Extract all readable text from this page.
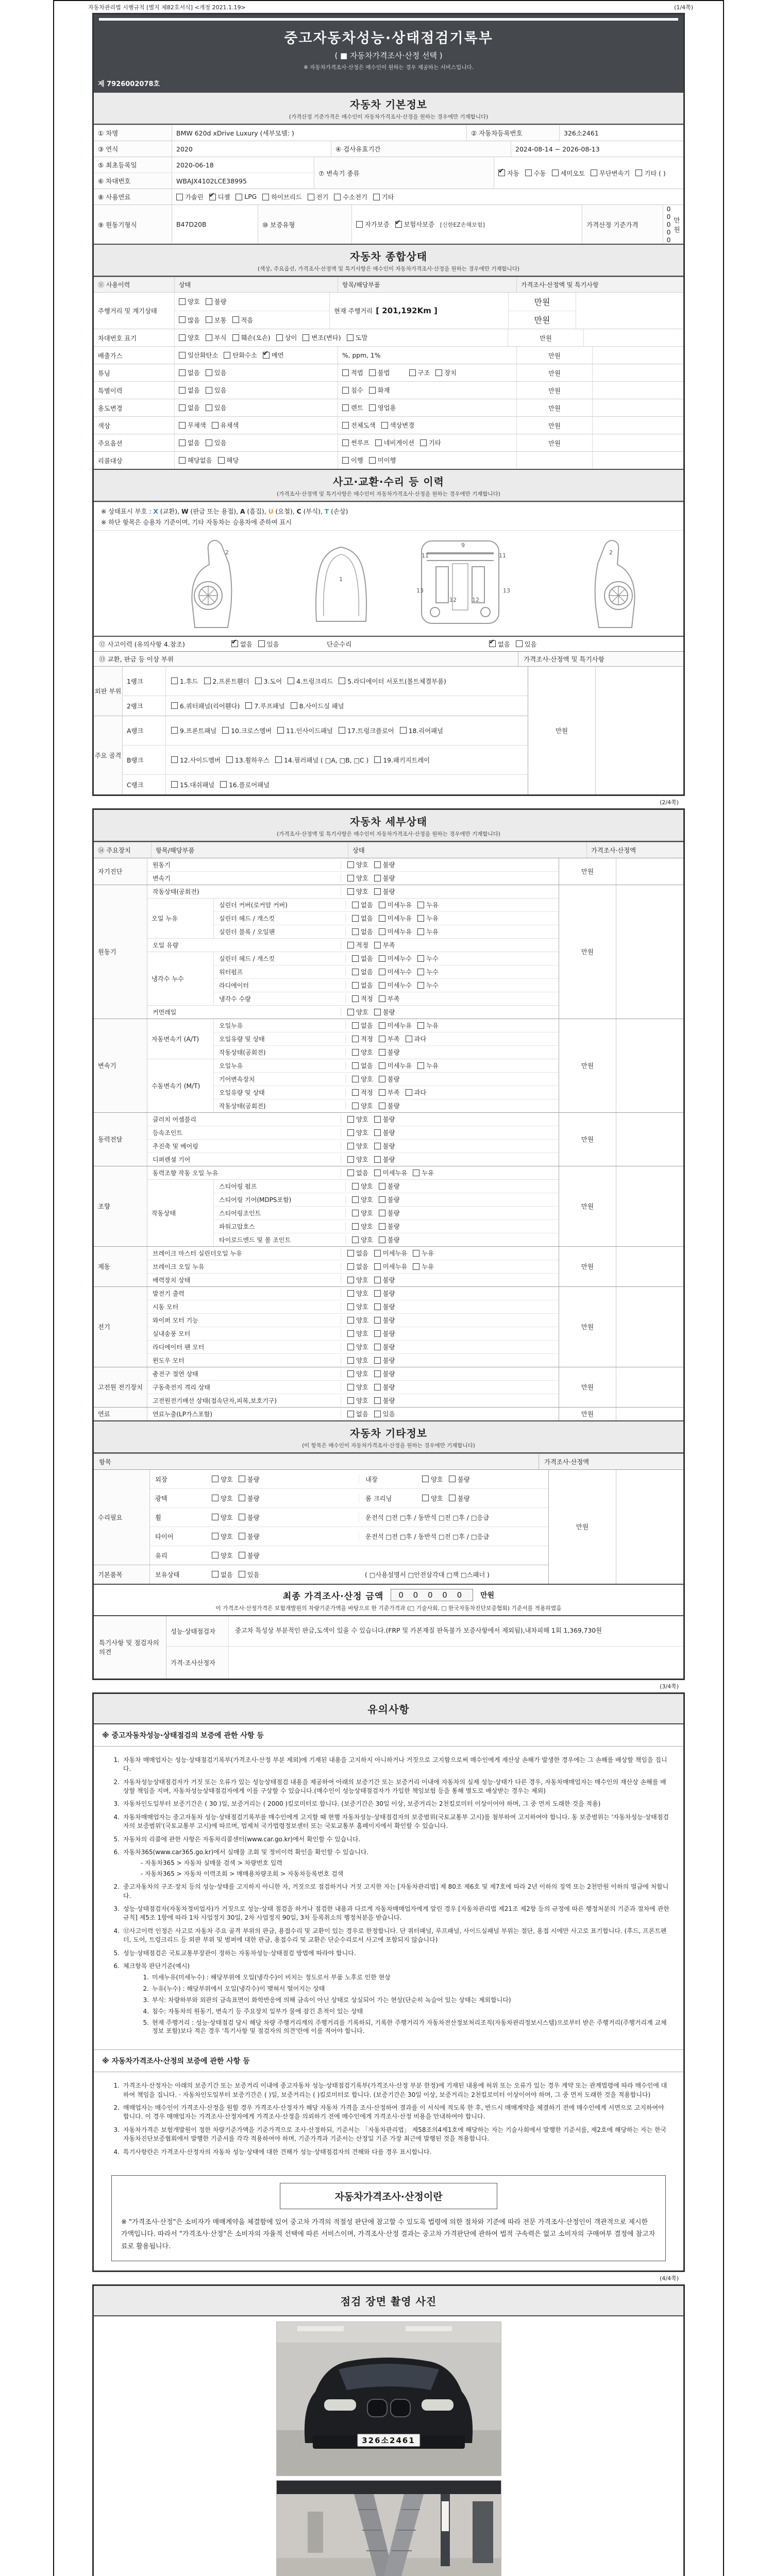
자동차관리법 시행규칙 [별지 제82호서식] <개정 2021.1.19>	(1/4쪽)
중고자동차성능·상태점검기록부
( ■ 자동차가격조사·산정 선택 )
※ 자동차가격조사·산정은 매수인이 원하는 경우 제공하는 서비스입니다.
제 7926002078호
자동차 기본정보
(가격산정 기준가격은 매수인이 자동차가격조사·산정을 원하는 경우에만 기재합니다)
① 차명	BMW 620d xDrive Luxury (세부모델: )	② 자동차등록번호	326소2461
③ 연식	2020	④ 검사유효기간	2024-08-14 ~ 2026-08-13
⑤ 최초등록일	2020-06-18
⑥ 차대번호	WBAJX4102LCE38995
⑦ 변속기 종류 ✔	자동 수동 세미오토 무단변속기 기타 ( )
⑧ 사용연료	가솔린 ✔ 디젤 LPG 하이브리드 전기 수소전기 기타
⑨ 원동기형식	B47D20B	⑩ 보증유형	자가보증 ✔ 보험사보증 [신한EZ손해보험]	가격산정 기준가격
0 0 0 0 0
만원
자동차 종합상태
(색상, 주요옵션, 가격조사·산정액 및 특기사항은 매수인이 자동차가격조사·산정을 원하는 경우에만 기재합니다)
⑪ 사용이력	상태	항목/해당부품	가격조사·산정액 및 특기사항
주행거리 및 계기상태
양호 불량
많음 보통 적음
현재 주행거리 [ 201,192Km ]
만원
만원
차대번호 표기	양호 부식 훼손(오손) 상이 변조(변타) 도말	만원
배출가스	일산화탄소 탄화수소 ✔ 매연	%, ppm, 1%	만원
튜닝	없음 있음	적법 불법	구조 장치	만원
특별이력	없음 있음	침수 화재	만원
용도변경	없음 있음	렌트 영업용	만원
색상	무채색 유채색	전체도색 색상변경	만원
주요옵션	없음 있음	썬루프 네비게이션 기타	만원
리콜대상	해당없음 해당	이행 미이행
사고·교환·수리 등 이력
(가격조사·산정액 및 특기사항은 매수인이 자동차가격조사·산정을 원하는 경우에만 기재합니다)
※ 상태표시 부호 : X (교환), W (판금 또는 용접), A (흠집), U (요철), C (부식), T (손상)
※ 하단 항목은 승용차 기준이며, 기타 자동차는 승용차에 준하여 표시
2
1
9
11	11
13	13
12	12
2
⑫ 사고이력 (유의사항 4.참조) ✔	없음 있음	단순수리 ✔	없음 있음
⑬ 교환, 판금 등 이상 부위	가격조사·산정액 및 특기사항
외판 부위
1랭크	1.후드 2.프론트휀더 3.도어 4.트렁크리드 5.라디에이터 서포트(볼트체결부품)
2랭크	6.쿼터패널(리어휀다) 7.루프패널 8.사이드실 패널
주요 골격
A랭크	9.프론트패널 10.크로스멤버 11.인사이드패널 17.트렁크플로어 18.리어패널
B랭크	12.사이드멤버 13.휠하우스 14.필러패널 ( □A, □B, □C ) 19.패키지트레이
C랭크	15.대쉬패널 16.플로어패널
만원
(2/4쪽)
자동차 세부상태
(가격조사·산정액 및 특기사항은 매수인이 자동차가격조사·산정을 원하는 경우에만 기재합니다)
⑭ 주요장치	항목/해당부품	상태	가격조사·산정액
자기진단
원동기	양호 불량
변속기	양호 불량
만원
원동기
작동상태(공회전)	양호 불량
오일 누유
실린더 커버(로커암 커버)	없음 미세누유 누유
실린더 헤드 / 개스킷	없음 미세누유 누유
실린더 블록 / 오일팬	없음 미세누유 누유
오일 유량	적정 부족
냉각수 누수
실린더 헤드 / 개스킷	없음 미세누수 누수
워터펌프	없음 미세누수 누수
라디에이터	없음 미세누수 누수
냉각수 수량	적정 부족
커먼레일	양호 불량
만원
변속기
자동변속기 (A/T)
오일누유	없음 미세누유 누유
오일유량 및 상태	적정 부족 과다
작동상태(공회전)	양호 불량
수동변속기 (M/T)
오일누유	없음 미세누유 누유
기어변속장치	양호 불량
오일유량 및 상태	적정 부족 과다
작동상태(공회전)	양호 불량
만원
동력전달
클러치 어셈블리	양호 불량
등속조인트	양호 불량
추진축 및 베어링	양호 불량
디퍼렌셜 기어	양호 불량
만원
조향
동력조향 작동 오일 누유	없음 미세누유 누유
작동상태
스티어링 펌프	양호 불량
스티어링 기어(MDPS포함)	양호 불량
스티어링조인트	양호 불량
파워고압호스	양호 불량
타이로드엔드 및 볼 조인트	양호 불량
만원
제동
브레이크 마스터 실린더오일 누유	없음 미세누유 누유
브레이크 오일 누유	없음 미세누유 누유
배력장치 상태	양호 불량
만원
전기
발전기 출력	양호 불량
시동 모터	양호 불량
와이퍼 모터 기능	양호 불량
실내송풍 모터	양호 불량
라디에이터 팬 모터	양호 불량
윈도우 모터	양호 불량
만원
고전원 전기장치
충전구 절연 상태	양호 불량
구동축전지 격리 상태	양호 불량
고전원전기배선 상태(접속단자,피복,보호기구)	양호 불량
만원
연료	연료누출(LP가스포함)	없음 있음	만원
자동차 기타정보
(이 항목은 매수인이 자동차가격조사·산정을 원하는 경우에만 기재합니다)
항목	가격조사·산정액
수리필요
외장	양호 불량	내장	양호 불량
광택	양호 불량	룸 크리닝	양호 불량
휠	양호 불량	운전석 □전 □후 / 동반석 □전 □후 / □응급
타이어	양호 불량	운전석 □전 □후 / 동반석 □전 □후 / □응급
유리	양호 불량
기본품목	보유상태	없음 있음	( □사용설명서 □안전삼각대 □잭 □스패너 )
만원
최종 가격조사·산정 금액	0 0 0 0 0	만원
이 가격조사·산정가격은 보험개발원의 차량기준가액을 바탕으로 한 기준가격과 (□ 기술사회, □ 한국자동차진단보증협회) 기준서를 적용하였음
특기사항 및 점검자의 의견
성능·상태점검자	중고차 특성상 부분적인 판금,도색이 있을 수 있습니다.(FRP 및 카본재질 판독불가 보증사항에서 제외됨),내차피해 1회 1,369,730원
가격·조사산정자
(3/4쪽)
유의사항
※ 중고자동차성능·상태점검의 보증에 관한 사항 등
1. 자동차 매매업자는 성능·상태점검기록부(가격조사·산정 부분 제외)에 기재된 내용을 고지하지 아니하거나 거짓으로 고지함으로써 매수인에게 재산상 손해가 발생한 경우에는 그 손해를 배상할 책임을 집니다.
2. 자동차성능상태점검자가 거짓 또는 오류가 있는 성능상태점검 내용을 제공하여 아래의 보증기간 또는 보증거리 이내에 자동차의 실제 성능·상태가 다른 경우, 자동차매매업자는 매수인의 재산상 손해를 배상할 책임을 지며, 자동차성능상태점검자에게 이를 구상할 수 있습니다.(매수인이 성능상태점검자가 가입한 책임보험 등을 통해 별도로 배상받는 경우는 제외)
3. 자동차인도일부터 보증기간은 ( 30 )일, 보증거리는 ( 2000 )킬로미터로 합니다. (보증기간은 30일 이상, 보증거리는 2천킬로미터 이상이어야 하며, 그 중 먼저 도래한 것을 적용)
4. 자동차매매업자는 중고자동차 성능·상태점검기록부를 매수인에게 고지할 때 현행 자동차성능·상태점검자의 보증범위(국토교통부 고시)를 첨부하여 고지하여야 합니다. 동 보증범위는 '자동차성능·상태점검자의 보증범위'(국토교통부 고시)에 따르며, 법제처 국가법령정보센터 또는 국토교통부 홈페이지에서 확인할 수 있습니다.
5. 자동차의 리콜에 관한 사항은 자동차리콜센터(www.car.go.kr)에서 확인할 수 있습니다.
6. 자동차365(www.car365.go.kr)에서 실매물 조회 및 정비이력 확인을 확인할 수 있습니다.
- 자동차365 > 자동차 실매물 검색 > 차량번호 입력
- 자동차365 > 자동차 이력조회 > 매매용차량조회 > 자동차등록번호 검색
2. 중고자동차의 구조·장치 등의 성능·상태를 고지하지 아니한 자, 거짓으로 점검하거나 거짓 고지한 자는 [자동차관리법] 제 80조 제6호 및 제7호에 따라 2년 이하의 징역 또는 2천만원 이하의 벌금에 처합니다.
3. 성능·상태점검자(자동차정비업자)가 거짓으로 성능·상태 점검을 하거나 점검한 내용과 다르게 자동차매매업자에게 알린 경우 [자동차관리법 제21조 제2항 등의 규정에 따른 행정처분의 기준과 절차에 관한 규칙] 제5조 1항에 따라 1차 사업정지 30일, 2차 사업정지 90일, 3차 등록취소의 행정처분을 받습니다.
4. ⑫사고이력 인정은 사고로 자동차 주요 골격 부위의 판금, 용접수리 및 교환이 있는 경우로 한정합니다. 단 쿼터패널, 루프패널, 사이드실패널 부위는 절단, 용접 시에만 사고로 표기합니다. (후드, 프론트펜더, 도어, 트렁크리드 등 외판 부위 및 범퍼에 대한 판금, 용접수리 및 교환은 단순수리로서 사고에 포함되지 않습니다)
5. 성능·상태점검은 국토교통부장관이 정하는 자동차성능·상태점검 방법에 따라야 합니다.
6. 체크항목 판단기준(예시)
1. 미세누유(미세누수) : 해당부위에 오일(냉각수)이 비치는 정도로서 부품 노후로 인한 현상
2. 누유(누수) : 해당부위에서 오일(냉각수)이 맺혀서 떨어지는 상태
3. 부식: 차량하부와 외판의 금속표면이 화학반응에 의해 금속이 아닌 상태로 상실되어 가는 현상(단순히 녹슬어 있는 상태는 제외합니다)
4. 침수: 자동차의 원동기, 변속기 등 주요장치 일부가 물에 잠긴 흔적이 있는 상태
5. 현재 주행거리 : 성능·상태점검 당시 해당 차량 주행거리계의 주행거리를 기록하되, 기록한 주행거리가 자동차전산정보처리조직(자동차관리정보시스템)으로부터 받은 주행거리(주행거리계 교체 정보 포함)보다 적은 경우 '특기사항 및 점검자의 의견'란에 이를 적어야 합니다.
※ 자동차가격조사·산정의 보증에 관한 사항 등
1. 가격조사·산정자는 아래의 보증기간 또는 보증거리 이내에 중고자동차 성능·상태점검기록부(가격조사·산정 부분 한정)에 기재된 내용에 허위 또는 오류가 있는 경우 계약 또는 관계법령에 따라 매수인에 대하여 책임을 집니다. · 자동차인도일부터 보증기간은 ( )일, 보증거리는 ( )킬로미터로 합니다. (보증기간은 30일 이상, 보증거리는 2천킬로미터 이상이어야 하며, 그 중 먼저 도래한 것을 적용합니다)
2. 매매업자는 매수인이 가격조사·산정을 원할 경우 가격조사·산정자가 해당 자동차 가격을 조사·산정하여 결과를 이 서식에 적도록 한 후, 반드시 매매계약을 체결하기 전에 매수인에게 서면으로 고지하여야 합니다. 이 경우 매매업자는 가격조사·산정자에게 가격조사·산정을 의뢰하기 전에 매수인에게 가격조사·산정 비용을 안내하여야 합니다.
3. 자동차가격은 보험개발원이 정한 차량기준가액을 기준가격으로 조사·산정하되, 기준서는 「자동차관리법」 제58조의4제1호에 해당하는 자는 기술사회에서 발행한 기준서를, 제2호에 해당하는 자는 한국자동차진단보증협회에서 발행한 기준서를 각각 적용하여야 하며, 기준가격과 기준서는 산정일 기준 가장 최근에 발행된 것을 적용합니다.
4. 특기사항란은 가격조사·산정자의 자동차 성능·상태에 대한 견해가 성능·상태점검자의 견해와 다를 경우 표시합니다.
자동차가격조사·산정이란
※ "가격조사·산정"은 소비자가 매매계약을 체결함에 있어 중고차 가격의 적절성 판단에 참고할 수 있도록 법령에 의한 절차와 기준에 따라 전문 가격조사·산정인이 객관적으로 제시한 가액입니다. 따라서 "가격조사·산정"은 소비자의 자율적 선택에 따른 서비스이며, 가격조사·산정 결과는 중고차 가격판단에 관하여 법적 구속력은 없고 소비자의 구매여부 결정에 참고자료로 활용됩니다.
(4/4쪽)
점검 장면 촬영 사진
326소2461
